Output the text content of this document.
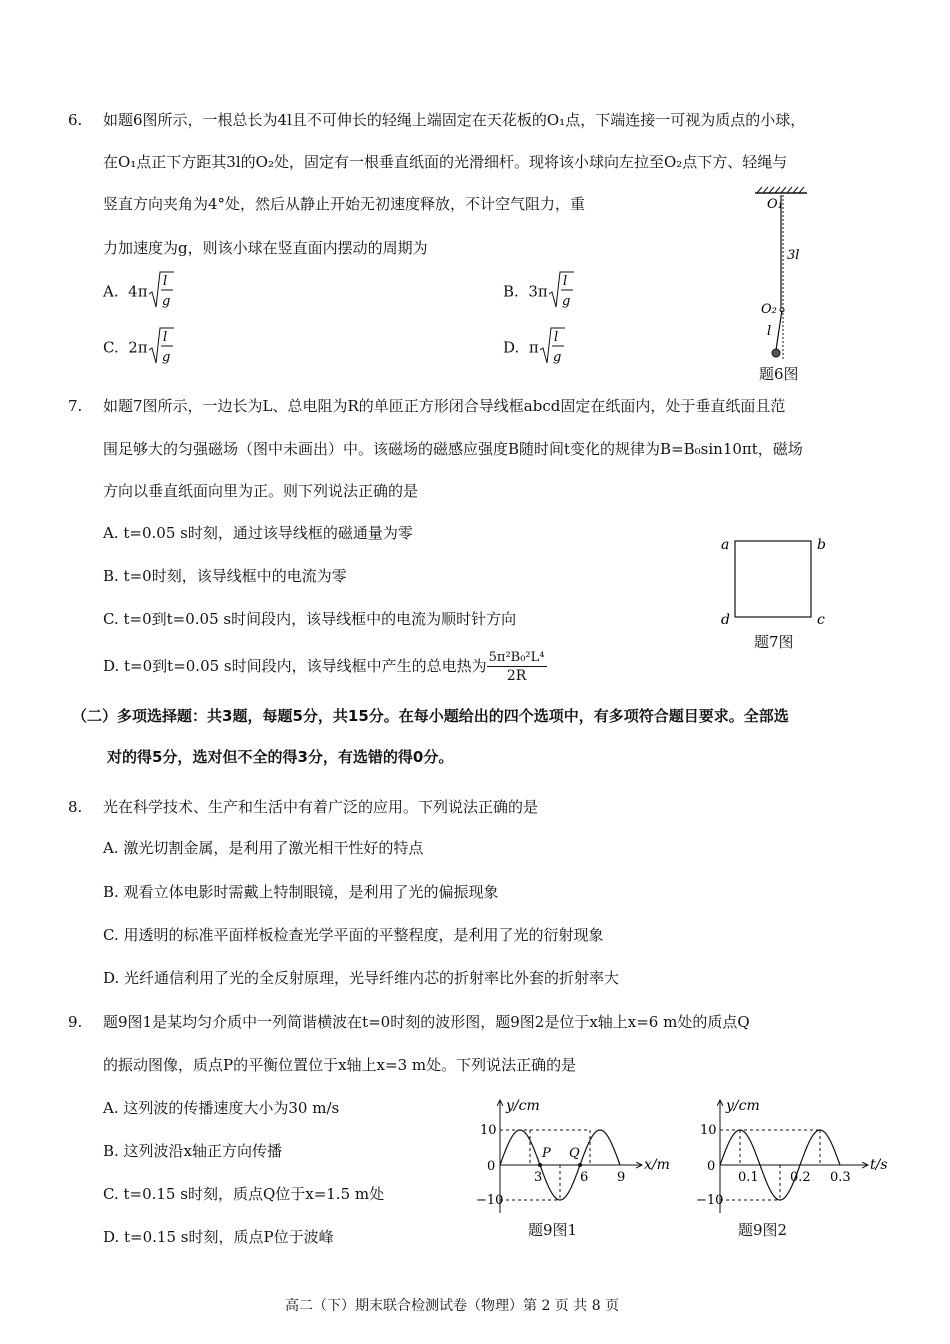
6. 如题6图所示，一根总长为4l且不可伸长的轻绳上端固定在天花板的O₁点，下端连接一可视为质点的小球，
在O₁点正下方距其3l的O₂处，固定有一根垂直纸面的光滑细杆。现将该小球向左拉至O₂点下方、轻绳与
竖直方向夹角为4°处，然后从静止开始无初速度释放，不计空气阻力，重
力加速度为g，则该小球在竖直面内摆动的周期为
A. 4π
l
g
B. 3π
l
g
C. 2π
l
g
D. π
l
g
O₁
3l
O₂
l
题6图
7. 如题7图所示，一边长为L、总电阻为R的单匝正方形闭合导线框abcd固定在纸面内，处于垂直纸面且范
围足够大的匀强磁场（图中未画出）中。该磁场的磁感应强度B随时间t变化的规律为B=B₀sin10πt，磁场
方向以垂直纸面向里为正。则下列说法正确的是
A. t=0.05 s时刻，通过该导线框的磁通量为零
B. t=0时刻，该导线框中的电流为零
C. t=0到t=0.05 s时间段内，该导线框中的电流为顺时针方向
D. t=0到t=0.05 s时间段内，该导线框中产生的总电热为 $\frac{\text{5π²B₀²L⁴}}{2R}$
a	b
c
d
题7图
（二）多项选择题：共3题，每题5分，共15分。在每小题给出的四个选项中，有多项符合题目要求。全部选
对的得5分，选对但不全的得3分，有选错的得0分。
8. 光在科学技术、生产和生活中有着广泛的应用。下列说法正确的是
A. 激光切割金属，是利用了激光相干性好的特点
B. 观看立体电影时需戴上特制眼镜，是利用了光的偏振现象
C. 用透明的标准平面样板检查光学平面的平整程度，是利用了光的衍射现象
D. 光纤通信利用了光的全反射原理，光导纤维内芯的折射率比外套的折射率大
9. 题9图1是某均匀介质中一列简谐横波在t=0时刻的波形图，题9图2是位于x轴上x=6 m处的质点Q
的振动图像，质点P的平衡位置位于x轴上x=3 m处。下列说法正确的是
A. 这列波的传播速度大小为30 m/s
B. 这列波沿x轴正方向传播
C. t=0.15 s时刻，质点Q位于x=1.5 m处
D. t=0.15 s时刻，质点P位于波峰
y/cm
x/m
10
0
−10
P Q
3	6 9
题9图1
y/cm
t/s
10
0
−10
0.1 0.2 0.3
题9图2
高二（下）期末联合检测试卷（物理）第 2 页 共 8 页
